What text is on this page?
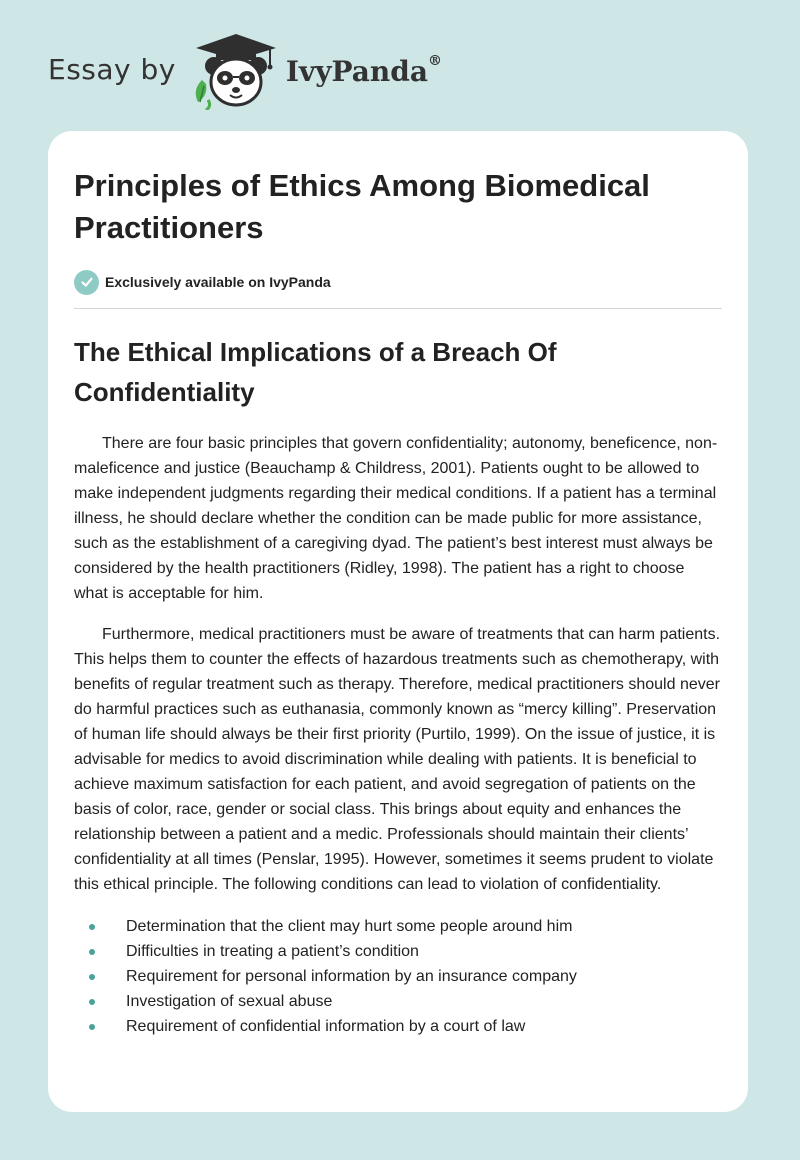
Essay by	IvyPanda®
Principles of Ethics Among Biomedical Practitioners
Exclusively available on IvyPanda
The Ethical Implications of a Breach Of Confidentiality

There are four basic principles that govern confidentiality; autonomy, beneficence, non-maleficence and justice (Beauchamp & Childress, 2001). Patients ought to be allowed to make independent judgments regarding their medical conditions. If a patient has a terminal illness, he should declare whether the condition can be made public for more assistance, such as the establishment of a caregiving dyad. The patient’s best interest must always be considered by the health practitioners (Ridley, 1998). The patient has a right to choose what is acceptable for him.

Furthermore, medical practitioners must be aware of treatments that can harm patients. This helps them to counter the effects of hazardous treatments such as chemotherapy, with benefits of regular treatment such as therapy. Therefore, medical practitioners should never do harmful practices such as euthanasia, commonly known as “mercy killing”. Preservation of human life should always be their first priority (Purtilo, 1999). On the issue of justice, it is advisable for medics to avoid discrimination while dealing with patients. It is beneficial to achieve maximum satisfaction for each patient, and avoid segregation of patients on the basis of color, race, gender or social class. This brings about equity and enhances the relationship between a patient and a medic. Professionals should maintain their clients’ confidentiality at all times (Penslar, 1995). However, sometimes it seems prudent to violate this ethical principle. The following conditions can lead to violation of confidentiality.

Determination that the client may hurt some people around him
Difficulties in treating a patient’s condition
Requirement for personal information by an insurance company
Investigation of sexual abuse
Requirement of confidential information by a court of law
